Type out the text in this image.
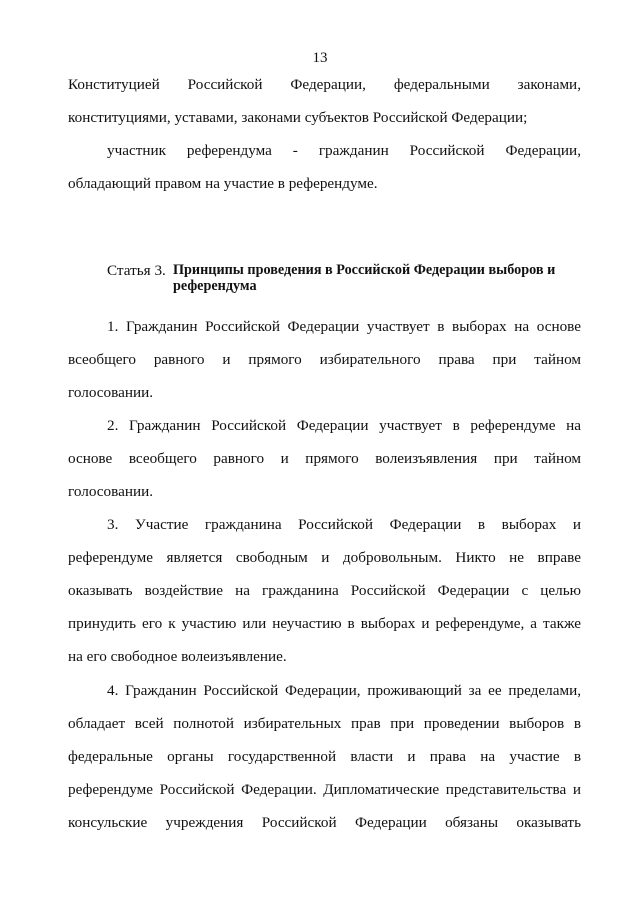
13
Конституцией Российской Федерации, федеральными законами,
конституциями, уставами, законами субъектов Российской Федерации;
участник референдума - гражданин Российской Федерации,
обладающий правом на участие в референдуме.
Статья 3. Принципы проведения в Российской Федерации выборов и референдума
1. Гражданин Российской Федерации участвует в выборах на основе
всеобщего равного и прямого избирательного права при тайном
голосовании.
2. Гражданин Российской Федерации участвует в референдуме на
основе всеобщего равного и прямого волеизъявления при тайном
голосовании.
3. Участие гражданина Российской Федерации в выборах и
референдуме является свободным и добровольным. Никто не вправе
оказывать воздействие на гражданина Российской Федерации с целью
принудить его к участию или неучастию в выборах и референдуме, а также
на его свободное волеизъявление.
4. Гражданин Российской Федерации, проживающий за ее пределами,
обладает всей полнотой избирательных прав при проведении выборов в
федеральные органы государственной власти и права на участие в
референдуме Российской Федерации. Дипломатические представительства и
консульские учреждения Российской Федерации обязаны оказывать
